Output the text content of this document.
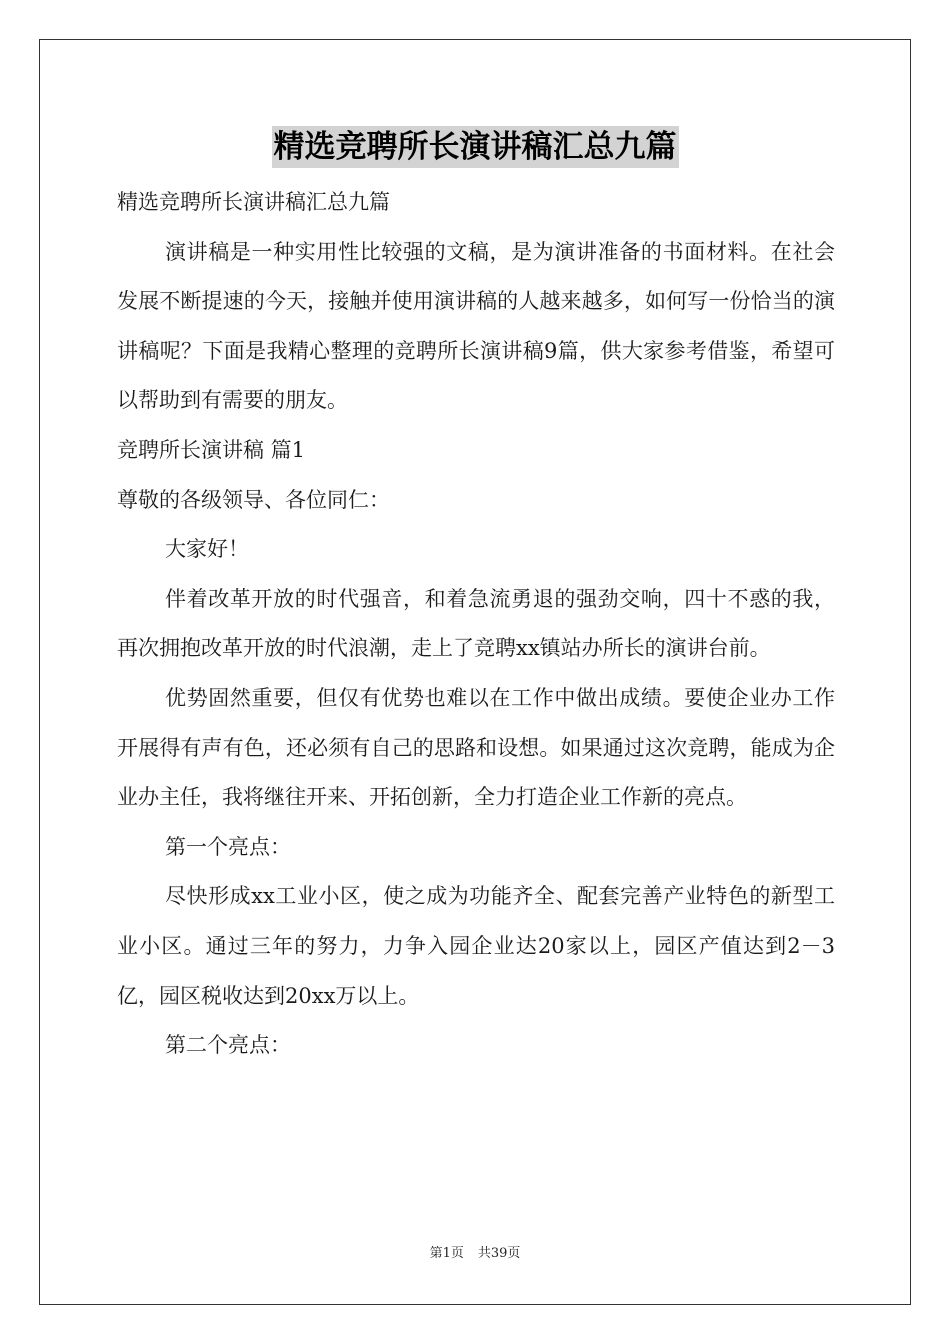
精选竞聘所长演讲稿汇总九篇

精选竞聘所长演讲稿汇总九篇

演讲稿是一种实用性比较强的文稿，是为演讲准备的书面材料。在社会发展不断提速的今天，接触并使用演讲稿的人越来越多，如何写一份恰当的演讲稿呢？下面是我精心整理的竞聘所长演讲稿9篇，供大家参考借鉴，希望可以帮助到有需要的朋友。

竞聘所长演讲稿 篇1

尊敬的各级领导、各位同仁：

大家好！

伴着改革开放的时代强音，和着急流勇退的强劲交响，四十不惑的我，再次拥抱改革开放的时代浪潮，走上了竞聘xx镇站办所长的演讲台前。

优势固然重要，但仅有优势也难以在工作中做出成绩。要使企业办工作开展得有声有色，还必须有自己的思路和设想。如果通过这次竞聘，能成为企业办主任，我将继往开来、开拓创新，全力打造企业工作新的亮点。

第一个亮点：

尽快形成xx工业小区，使之成为功能齐全、配套完善产业特色的新型工业小区。通过三年的努力，力争入园企业达20家以上，园区产值达到2－3亿，园区税收达到20xx万以上。

第二个亮点：

第1页 共39页
